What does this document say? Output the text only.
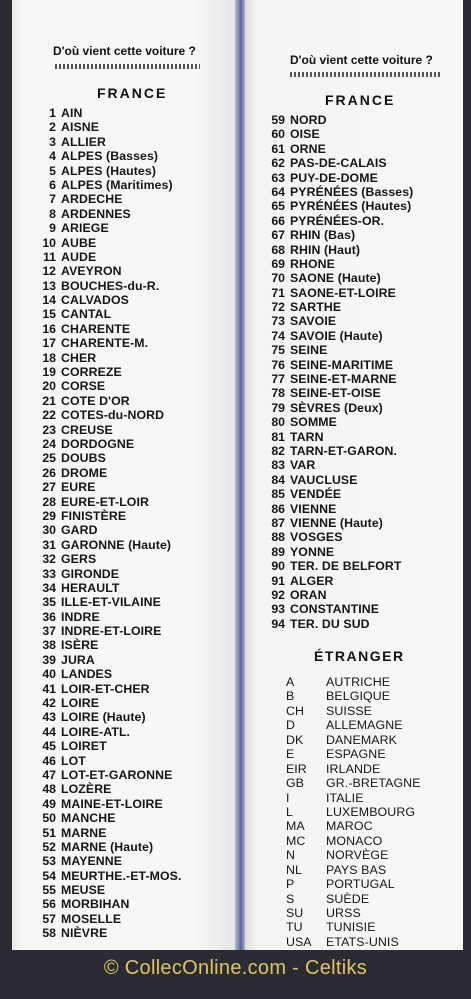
D'où vient cette voiture ?
D'où vient cette voiture ?
FRANCE	FRANCE
ÉTRANGER
1 AIN
2 AISNE
3 ALLIER
4 ALPES (Basses)
5 ALPES (Hautes)
6 ALPES (Maritimes)
7 ARDECHE
8 ARDENNES
9 ARIEGE
10 AUBE
11 AUDE
12 AVEYRON
13 BOUCHES-du-R.
14 CALVADOS
15 CANTAL
16 CHARENTE
17 CHARENTE-M.
18 CHER
19 CORREZE
20 CORSE
21 COTE D'OR
22 COTES-du-NORD
23 CREUSE
24 DORDOGNE
25 DOUBS
26 DROME
27 EURE
28 EURE-ET-LOIR
29 FINISTÈRE
30 GARD
31 GARONNE (Haute)
32 GERS
33 GIRONDE
34 HERAULT
35 ILLE-ET-VILAINE
36 INDRE
37 INDRE-ET-LOIRE
38 ISÈRE
39 JURA
40 LANDES
41 LOIR-ET-CHER
42 LOIRE
43 LOIRE (Haute)
44 LOIRE-ATL.
45 LOIRET
46 LOT
47 LOT-ET-GARONNE
48 LOZÈRE
49 MAINE-ET-LOIRE
50 MANCHE
51 MARNE
52 MARNE (Haute)
53 MAYENNE
54 MEURTHE.-ET-MOS.
55 MEUSE
56 MORBIHAN
57 MOSELLE
58 NIÈVRE
59 NORD
60 OISE
61 ORNE
62 PAS-DE-CALAIS
63 PUY-DE-DOME
64 PYRÉNÉES (Basses)
65 PYRÉNÉES (Hautes)
66 PYRÉNÉES-OR.
67 RHIN (Bas)
68 RHIN (Haut)
69 RHONE
70 SAONE (Haute)
71 SAONE-ET-LOIRE
72 SARTHE
73 SAVOIE
74 SAVOIE (Haute)
75 SEINE
76 SEINE-MARITIME
77 SEINE-ET-MARNE
78 SEINE-ET-OISE
79 SÈVRES (Deux)
80 SOMME
81 TARN
82 TARN-ET-GARON.
83 VAR
84 VAUCLUSE
85 VENDÉE
86 VIENNE
87 VIENNE (Haute)
88 VOSGES
89 YONNE
90 TER. DE BELFORT
91 ALGER
92 ORAN
93 CONSTANTINE
94 TER. DU SUD
A	AUTRICHE
B	BELGIQUE
CH SUISSE
D	ALLEMAGNE
DK DANEMARK
E	ESPAGNE
EIR IRLANDE
GB GR.-BRETAGNE
I	ITALIE
L	LUXEMBOURG
MA MAROC
MC MONACO
N	NORVÈGE
NL PAYS BAS
P	PORTUGAL
S	SUÈDE
SU URSS
TU TUNISIE
USA ETATS-UNIS
© CollecOnline.com - Celtiks
